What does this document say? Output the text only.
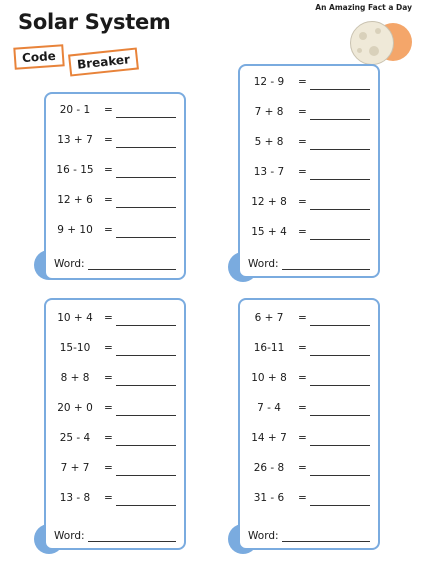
Solar System
An Amazing Fact a Day
Code	Breaker
20 - 1	=
13 + 7 =
16 - 15 =
12 + 6 =
9 + 10 =
Word:
12 - 9	=
7 + 8	=
5 + 8	=
13 - 7	=
12 + 8 =
15 + 4 =
Word:
10 + 4 =
15-10	=
8 + 8	=
20 + 0 =
25 - 4	=
7 + 7	=
13 - 8	=
Word:
6 + 7	=
16-11	=
10 + 8 =
7 - 4	=
14 + 7 =
26 - 8	=
31 - 6	=
Word:
